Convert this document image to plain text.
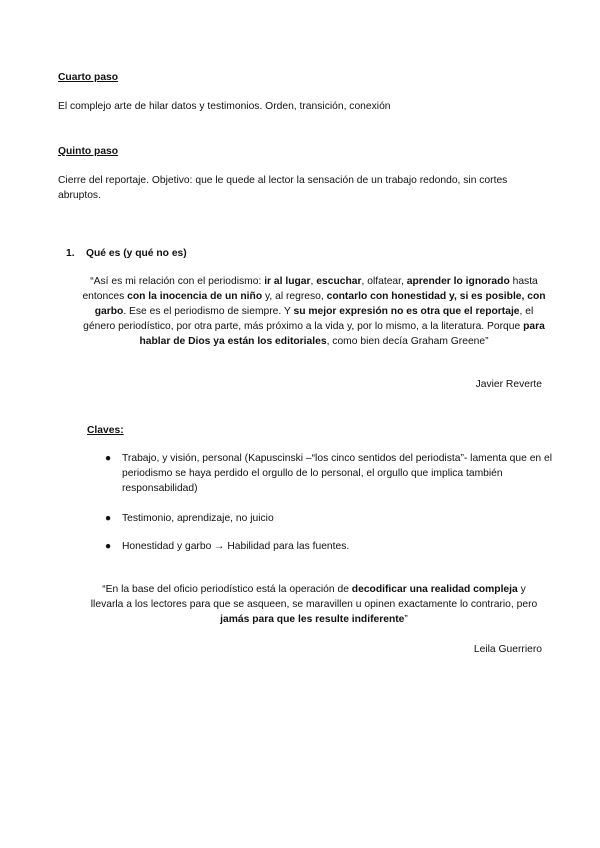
Cuarto paso
El complejo arte de hilar datos y testimonios. Orden, transición, conexión
Quinto paso
Cierre del reportaje. Objetivo: que le quede al lector la sensación de un trabajo redondo, sin cortes abruptos.
1. Qué es (y qué no es)
“Así es mi relación con el periodismo: ir al lugar, escuchar, olfatear, aprender lo ignorado hasta entonces con la inocencia de un niño y, al regreso, contarlo con honestidad y, si es posible, con garbo. Ese es el periodismo de siempre. Y su mejor expresión no es otra que el reportaje, el género periodístico, por otra parte, más próximo a la vida y, por lo mismo, a la literatura. Porque para hablar de Dios ya están los editoriales, como bien decía Graham Greene”
Javier Reverte
Claves:
● Trabajo, y visión, personal (Kapuscinski –“los cinco sentidos del periodista”- lamenta que en el periodismo se haya perdido el orgullo de lo personal, el orgullo que implica también responsabilidad)
● Testimonio, aprendizaje, no juicio
● Honestidad y garbo → Habilidad para las fuentes.
“En la base del oficio periodístico está la operación de decodificar una realidad compleja y llevarla a los lectores para que se asqueen, se maravillen u opinen exactamente lo contrario, pero jamás para que les resulte indiferente”
Leila Guerriero
